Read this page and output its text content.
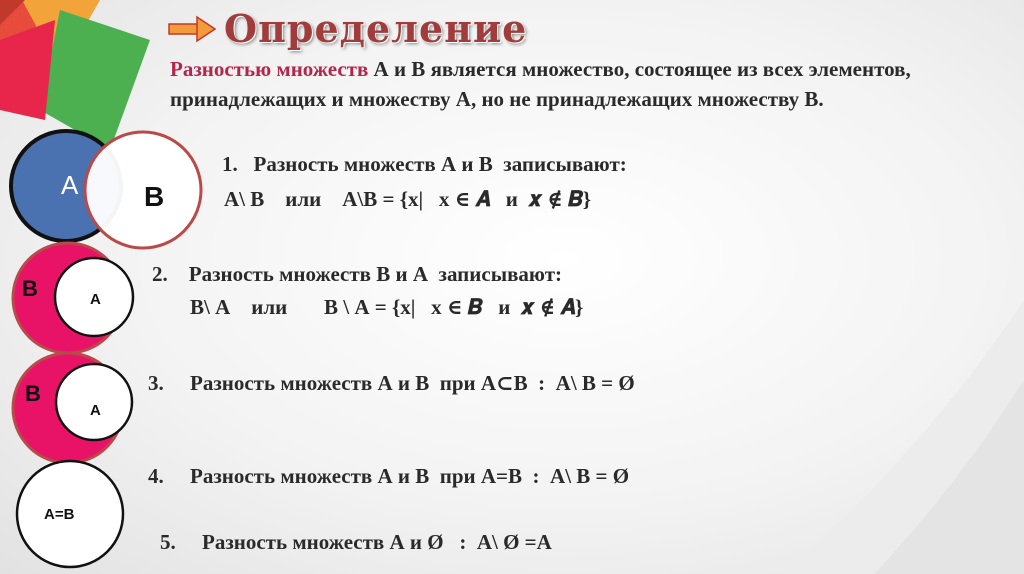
Определение
Разностью множеств А и В является множество, состоящее из всех элементов, принадлежащих и множеству А, но не принадлежащих множеству В.
A B
B	A
B
A
A=B
1.   Разность множеств А и В  записывают:
А\ В    или    А\В = {x|   x ∈ 𝑨   и  𝒙 ∉ 𝑩}
2.    Разность множеств В и А  записывают:
В\ А    или       В \ А = {x|   x ∈ 𝑩   и  𝒙 ∉ 𝑨}
3.     Разность множеств А и В  при А⊂В  :  А\ В = Ø
4.     Разность множеств А и В  при А=В  :  А\ В = Ø
5.     Разность множеств А и Ø   :  А\ Ø =А
